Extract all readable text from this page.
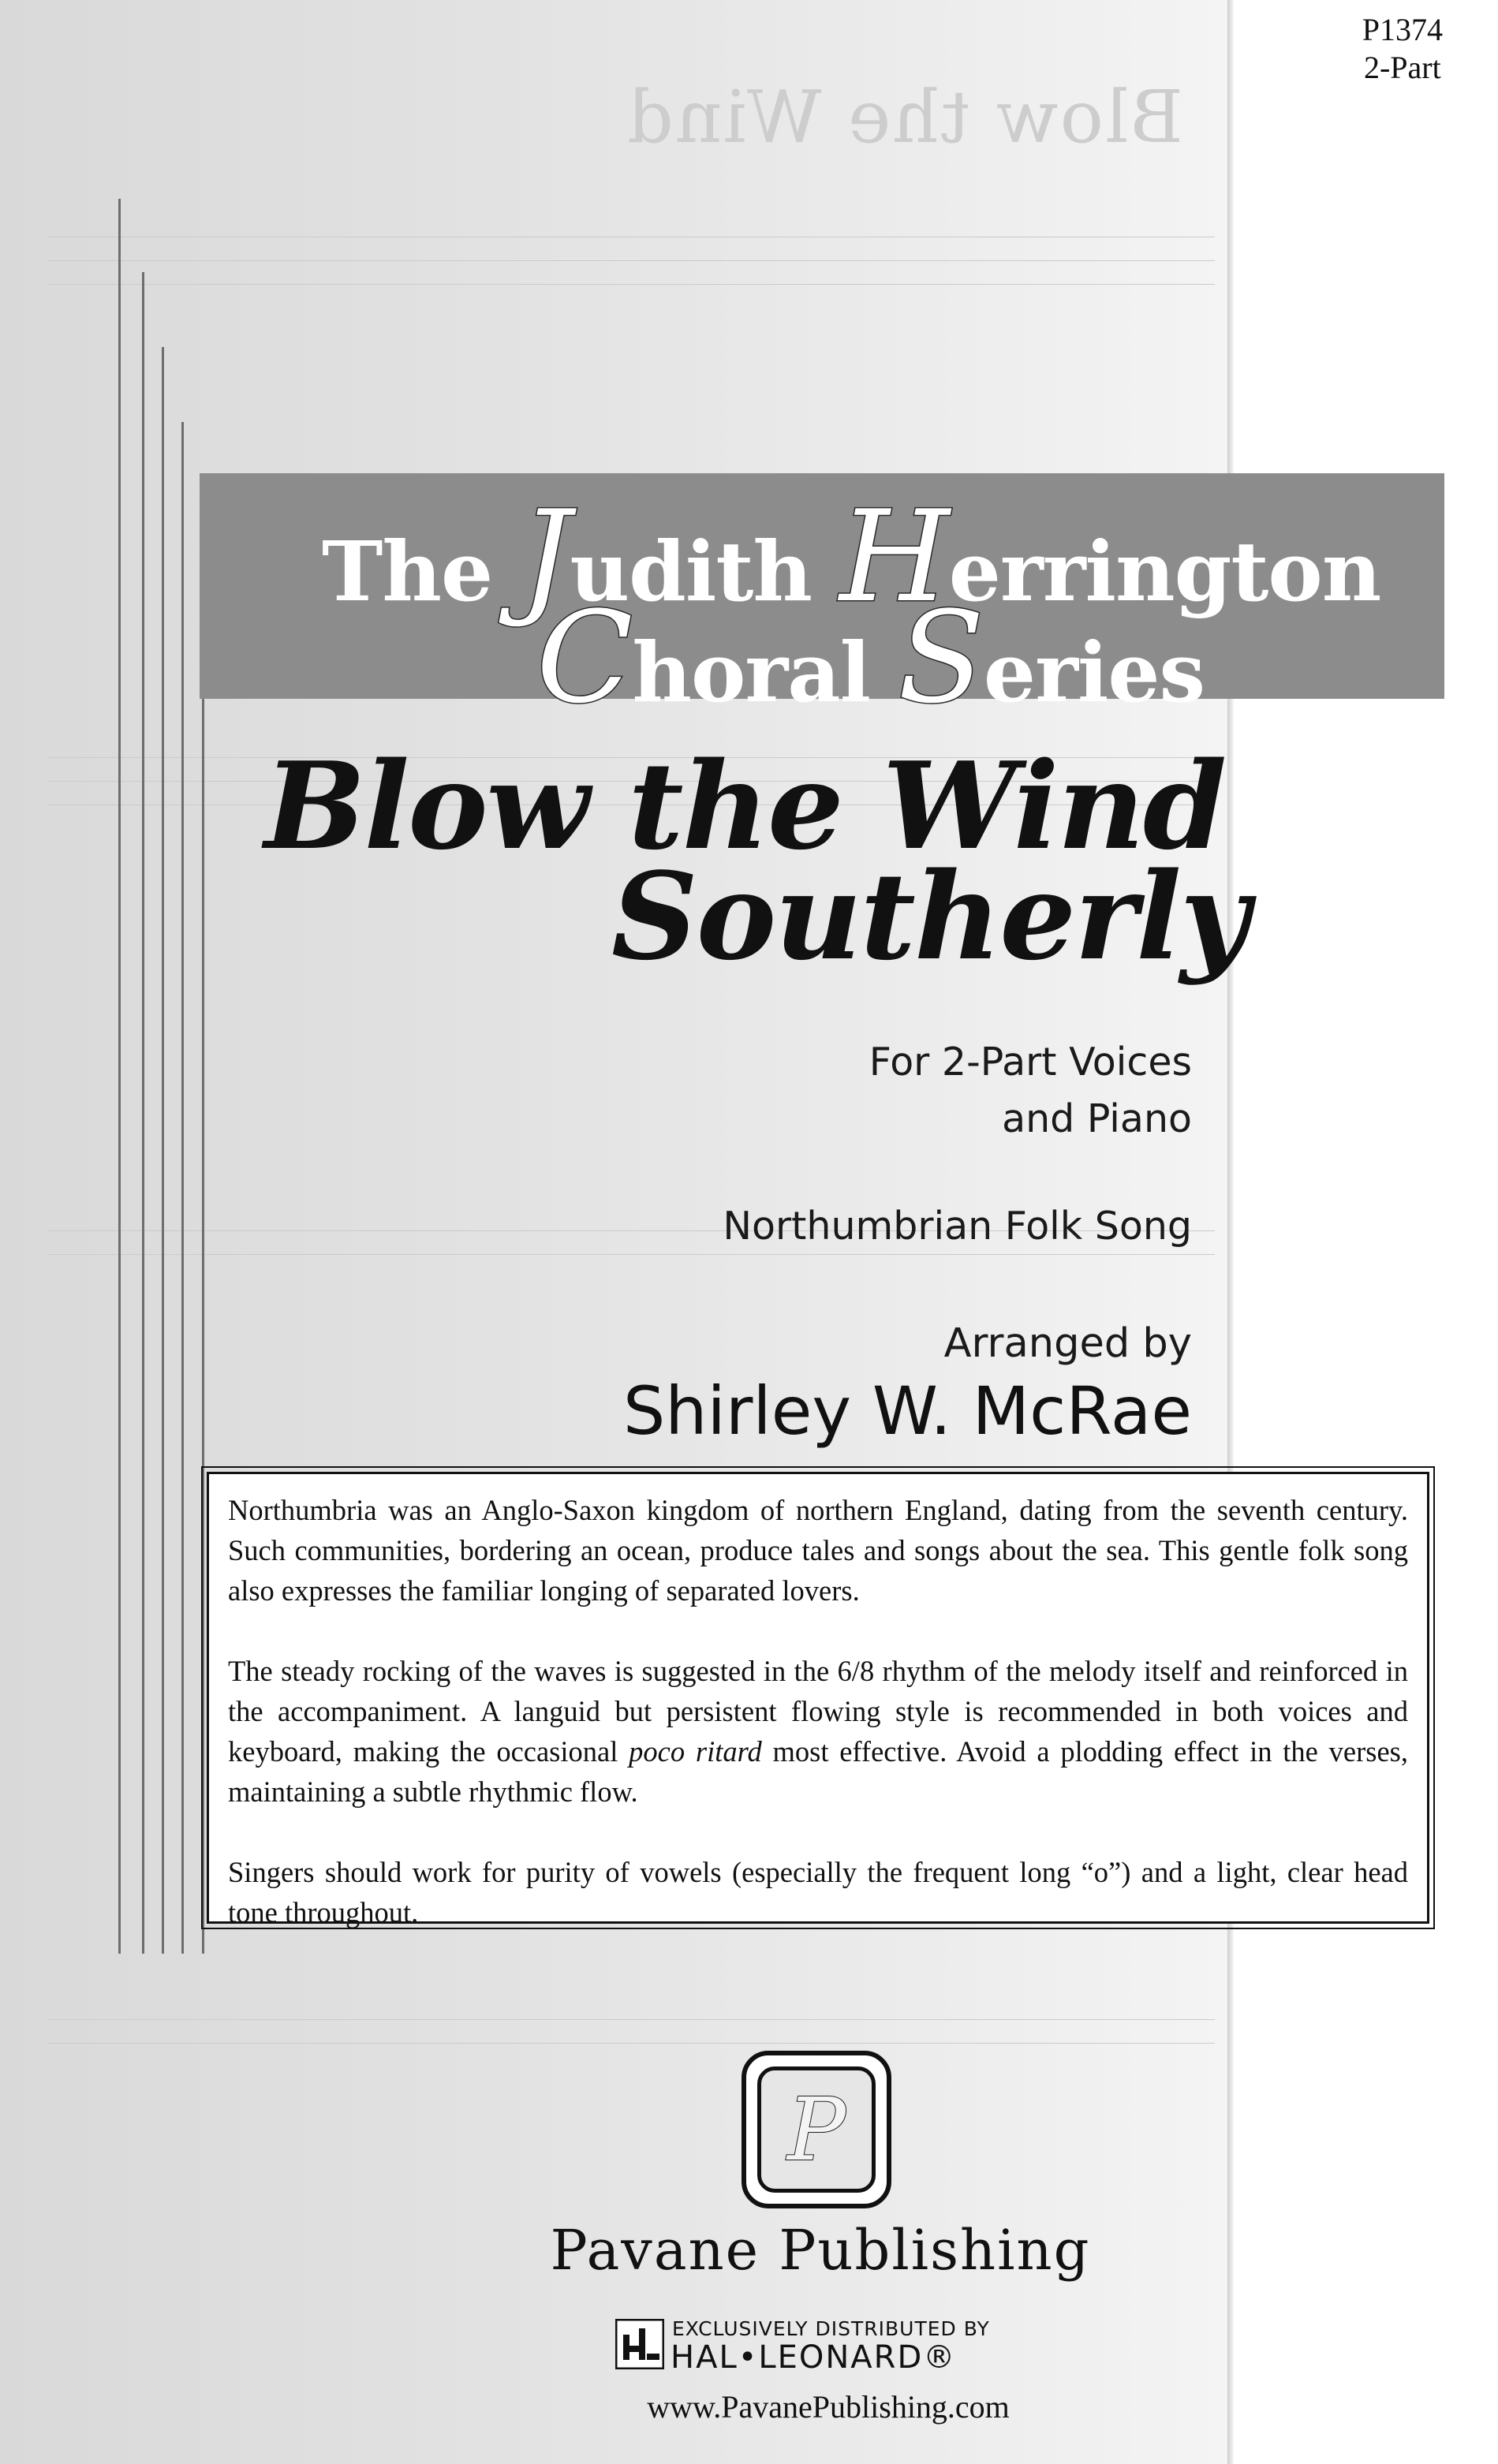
Blow the Wind
P1374
2-Part
The Judith Herrington
Choral Series
Blow the Wind
Southerly
For 2-Part Voices
and Piano
Northumbrian Folk Song
Arranged by
Shirley W. McRae

Northumbria was an Anglo-Saxon kingdom of northern England, dating from the seventh century. Such communities, bordering an ocean, produce tales and songs about the sea. This gentle folk song also expresses the familiar longing of separated lovers.

The steady rocking of the waves is suggested in the 6/8 rhythm of the melody itself and reinforced in the accompaniment. A languid but persistent flowing style is recommended in both voices and keyboard, making the occasional poco ritard most effective. Avoid a plodding effect in the verses, maintaining a subtle rhythmic flow.

Singers should work for purity of vowels (especially the frequent long “o”) and a light, clear head tone throughout.

P
Pavane Publishing
EXCLUSIVELY DISTRIBUTED BY
HAL•LEONARD®
www.PavanePublishing.com
